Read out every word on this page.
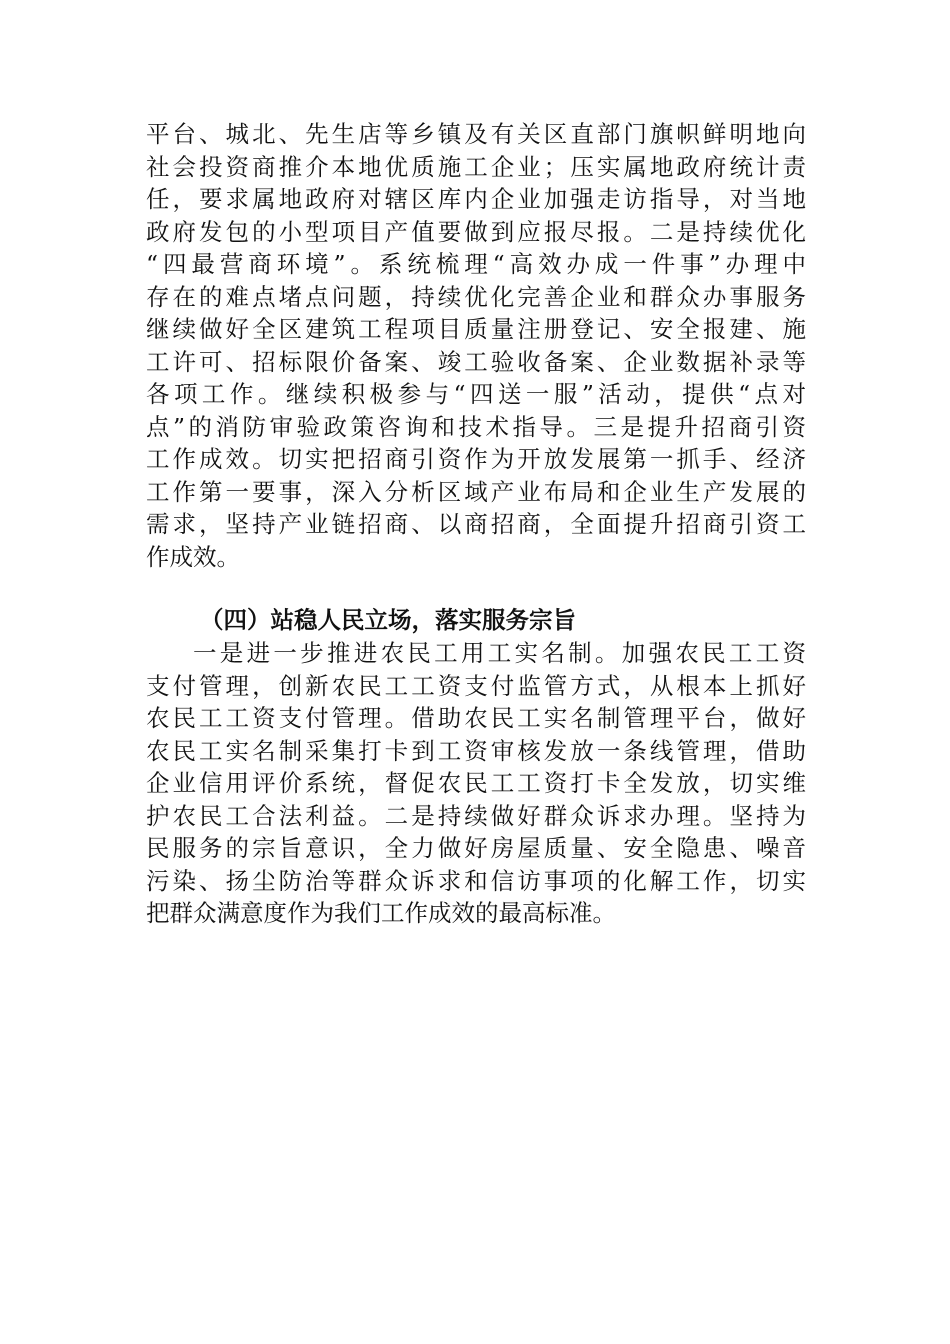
平台、城北、先生店等乡镇及有关区直部门旗帜鲜明地向
社会投资商推介本地优质施工企业；压实属地政府统计责
任，要求属地政府对辖区库内企业加强走访指导，对当地
政府发包的小型项目产值要做到应报尽报。二是持续优化
“四最营商环境”。系统梳理“高效办成一件事”办理中
存在的难点堵点问题，持续优化完善企业和群众办事服务
继续做好全区建筑工程项目质量注册登记、安全报建、施
工许可、招标限价备案、竣工验收备案、企业数据补录等
各项工作。继续积极参与“四送一服”活动，提供“点对
点”的消防审验政策咨询和技术指导。三是提升招商引资
工作成效。切实把招商引资作为开放发展第一抓手、经济
工作第一要事，深入分析区域产业布局和企业生产发展的
需求，坚持产业链招商、以商招商，全面提升招商引资工
作成效。
（四）站稳人民立场，落实服务宗旨
一是进一步推进农民工用工实名制。加强农民工工资
支付管理，创新农民工工资支付监管方式，从根本上抓好
农民工工资支付管理。借助农民工实名制管理平台，做好
农民工实名制采集打卡到工资审核发放一条线管理，借助
企业信用评价系统，督促农民工工资打卡全发放，切实维
护农民工合法利益。二是持续做好群众诉求办理。坚持为
民服务的宗旨意识，全力做好房屋质量、安全隐患、噪音
污染、扬尘防治等群众诉求和信访事项的化解工作，切实
把群众满意度作为我们工作成效的最高标准。
